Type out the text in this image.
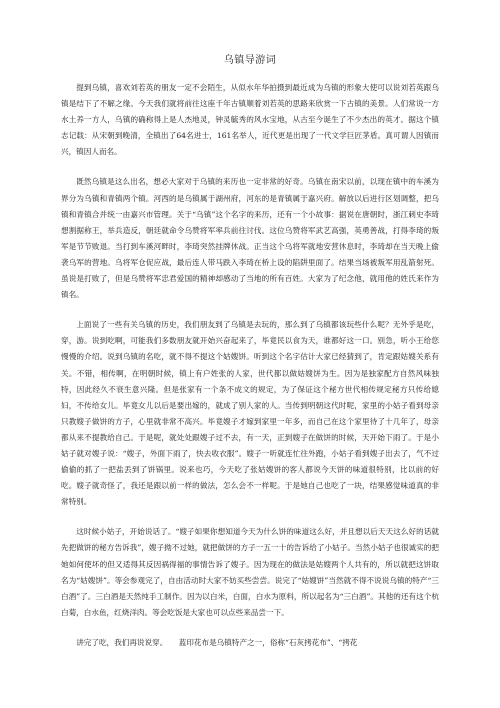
乌镇导游词

提到乌镇，喜欢刘若英的朋友一定不会陌生，从似水年华拍摄到最近成为乌镇的形象大使可以说刘若英跟乌镇是结下了不解之缘。今天我们就将前往这座千年古镇顺着刘若英的思路来欣赏一下古镇的美景。人们常说一方水土养一方人，乌镇的确称得上是人杰地灵，钟灵毓秀的风水宝地，从古至今诞生了不少杰出的英才。据这个镇志记载：从宋朝到晚清，全镇出了64名进士，161名举人，近代更是出现了一代文学巨匠茅盾。真可谓人因镇而兴，镇因人而名。

既然乌镇是这么出名，想必大家对于乌镇的来历也一定非常的好奇。乌镇在南宋以前，以现在镇中的车溪为界分为乌镇和青镇两个镇。河西的是乌镇属于湖州府，河东的是青镇属于嘉兴府。解放以后进行区划调整，把乌镇和青镇合并统一由嘉兴市管理。关于“乌镇”这个名字的来历，还有一个小故事：据说在唐朝时，浙江刺史李琦想割据称王，举兵造反，朝廷就命令乌赞将军率兵前往讨伐。这位乌赞将军武艺高强，英勇善战，打得李琦的叛军是节节败退。当打到车溪河畔时，李琦突然挂牌休战。正当这个乌将军就地安营休息时，李琦却在当天晚上偷袭乌军的营地。乌将军仓促应战，最后连人带马跌入李琦在桥上设的陷阱里面了。结果当场被叛军用乱箭射死。虽说是打败了，但是乌赞将军忠君爱国的精神却感动了当地的所有百姓。大家为了纪念他，就用他的姓氏来作为镇名。

上面说了一些有关乌镇的历史，我们朋友到了乌镇是去玩的，那么到了乌镇都该玩些什么呢？无外乎是吃，穿，游。说到吃啊，可能我们多数朋友就开始兴奋起来了，毕竟民以食为天，谁都好这一口。别急，听小王给您慢慢的介绍。说到乌镇的名吃，就不得不提这个姑嫂饼。听到这个名字估计大家已经猜到了，肯定跟姑嫂关系有关。不错，相传啊，在明朝时候，镇上有户姓张的人家，世代都以做姑嫂饼为生。因为是独家配方自然风味独特，因此经久不衰生意兴隆。但是张家有一个条不成文的规定，为了保证这个秘方世代相传规定秘方只传给媳妇，不传给女儿。毕竟女儿以后是要出嫁的，就成了别人家的人。当传到明朝这代时呢，家里的小姑子看到母亲只教嫂子做饼的方子，心里就非常不高兴。毕竟嫂子才嫁到家里一年多，而自己在这个家里待了十几年了，母亲都从来不提教给自己。于是呢，就处处跟嫂子过不去，有一天，正到嫂子在做饼的时候，天开始下雨了。于是小姑子就对嫂子说：“嫂子，外面下雨了，快去收衣服”。嫂子一听就连忙往外跑，小姑子看到嫂子出去了，气不过偷偷的抓了一把盐丢到了饼锅里。说来也巧，今天吃了张姑嫂饼的客人都说今天饼的味道很特别，比以前的好吃。嫂子就奇怪了，我还是跟以前一样的做法，怎么会不一样呢。于是她自己也吃了一块，结果感觉味道真的非常特别。

这时候小姑子，开始说话了。“嫂子如果你想知道今天为什么饼的味道这么好，并且想以后天天这么好的话就先把做饼的秘方告诉我”，嫂子拗不过她，就把做饼的方子一五一十的告诉给了小姑子。当然小姑子也很诚实的把她如何使坏的但又适得其反因祸得福的事情告诉了嫂子。因为现在的做法是姑嫂两个人共有的，所以就把这饼取名为“姑嫂饼”。等会参观完了，自由活动时大家不妨买些尝尝。说完了“姑嫂饼”当然就不得不说说乌镇的特产“三白酒”了。三白酒是天然纯手工制作。因为以白米，白面，白水为原料，所以起名为“三白酒”。其他的还有这个杭白菊，白水鱼，红烧洋肉。等会吃饭是大家也可以点些来品尝一下。

讲完了吃，我们再说说穿。　　蓝印花布是乌镇特产之一，俗称“石灰拷花布”、“拷花
